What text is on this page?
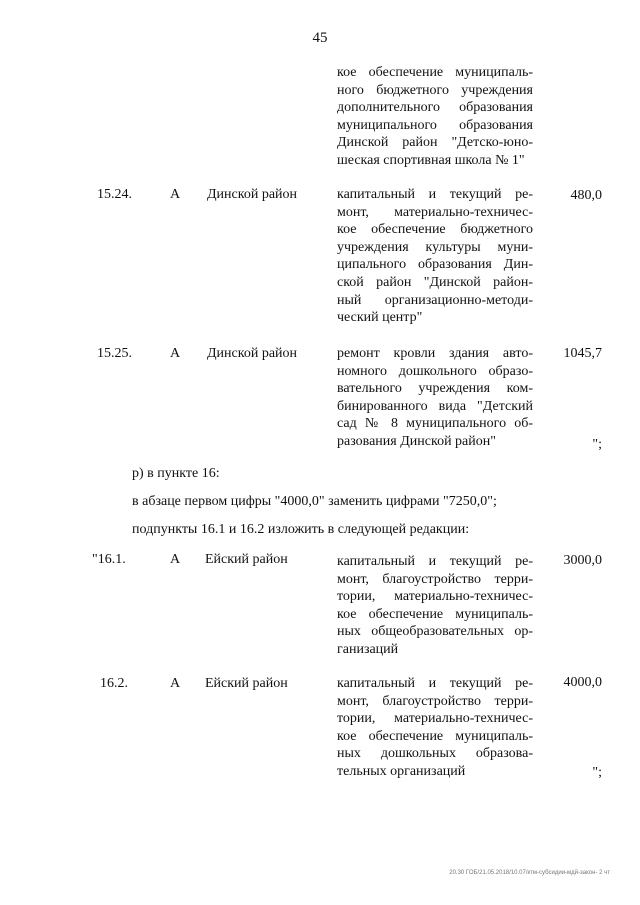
45
кое обеспечение муниципаль-
ного бюджетного учреждения
дополнительного образования
муниципального образования
Динской район "Детско-юно-
шеская спортивная школа № 1"
15.24.	А Динской район	капитальный и текущий ре-
монт, материально-техничес-
кое обеспечение бюджетного
учреждения культуры муни-
ципального образования Дин-
ской район "Динской район-
ный организационно-методи-
ческий центр"
480,0
15.25.	А Динской район	ремонт кровли здания авто-
номного дошкольного образо-
вательного учреждения ком-
бинированного вида "Детский
сад № 8 муниципального об-
разования Динской район"
1045,7
";
р) в пункте 16:
в абзаце первом цифры "4000,0" заменить цифрами "7250,0";
подпункты 16.1 и 16.2 изложить в следующей редакции:
"16.1.	А Ейский район	капитальный и текущий ре-
монт, благоустройство терри-
тории, материально-техничес-
кое обеспечение муниципаль-
ных общеобразовательных ор-
ганизаций
3000,0
16.2.	А Ейский район	капитальный и текущий ре-
монт, благоустройство терри-
тории, материально-техничес-
кое обеспечение муниципаль-
ных дошкольных образова-
тельных организаций
4000,0
";
20.30 ГОБ/21.05.2018/10.07/ктм-субсидии-мдй-закон- 2 чт
